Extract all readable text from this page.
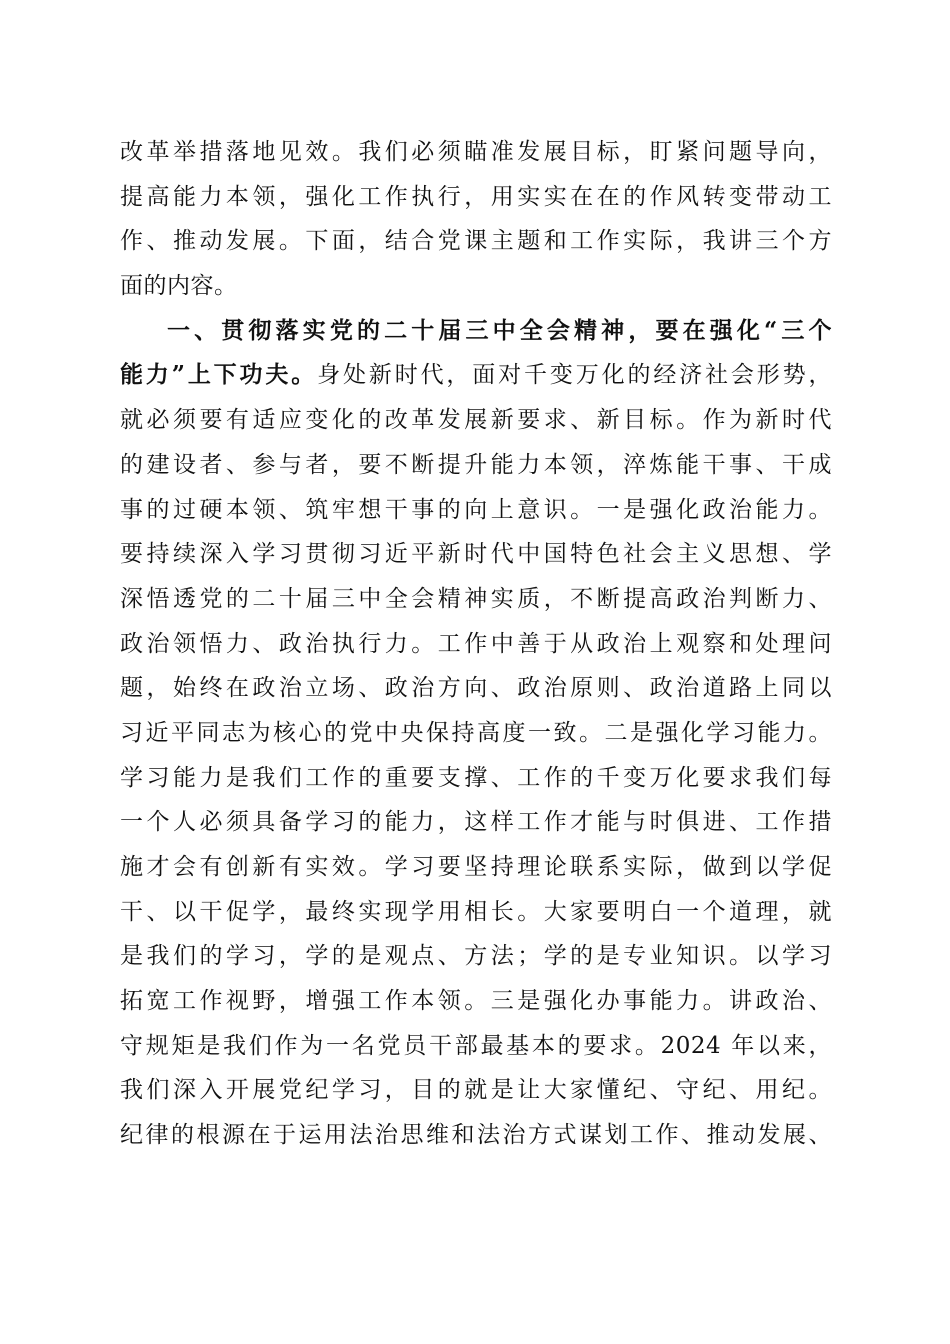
改革举措落地见效。我们必须瞄准发展目标，盯紧问题导向，
提高能力本领，强化工作执行，用实实在在的作风转变带动工
作、推动发展。下面，结合党课主题和工作实际，我讲三个方
面的内容。
一、贯彻落实党的二十届三中全会精神，要在强化“三个
能力”上下功夫。身处新时代，面对千变万化的经济社会形势，
就必须要有适应变化的改革发展新要求、新目标。作为新时代
的建设者、参与者，要不断提升能力本领，淬炼能干事、干成
事的过硬本领、筑牢想干事的向上意识。一是强化政治能力。
要持续深入学习贯彻习近平新时代中国特色社会主义思想、学
深悟透党的二十届三中全会精神实质，不断提高政治判断力、
政治领悟力、政治执行力。工作中善于从政治上观察和处理问
题，始终在政治立场、政治方向、政治原则、政治道路上同以
习近平同志为核心的党中央保持高度一致。二是强化学习能力。
学习能力是我们工作的重要支撑、工作的千变万化要求我们每
一个人必须具备学习的能力，这样工作才能与时俱进、工作措
施才会有创新有实效。学习要坚持理论联系实际，做到以学促
干、以干促学，最终实现学用相长。大家要明白一个道理，就
是我们的学习，学的是观点、方法；学的是专业知识。以学习
拓宽工作视野，增强工作本领。三是强化办事能力。讲政治、
守规矩是我们作为一名党员干部最基本的要求。2024 年以来，
我们深入开展党纪学习，目的就是让大家懂纪、守纪、用纪。
纪律的根源在于运用法治思维和法治方式谋划工作、推动发展、
